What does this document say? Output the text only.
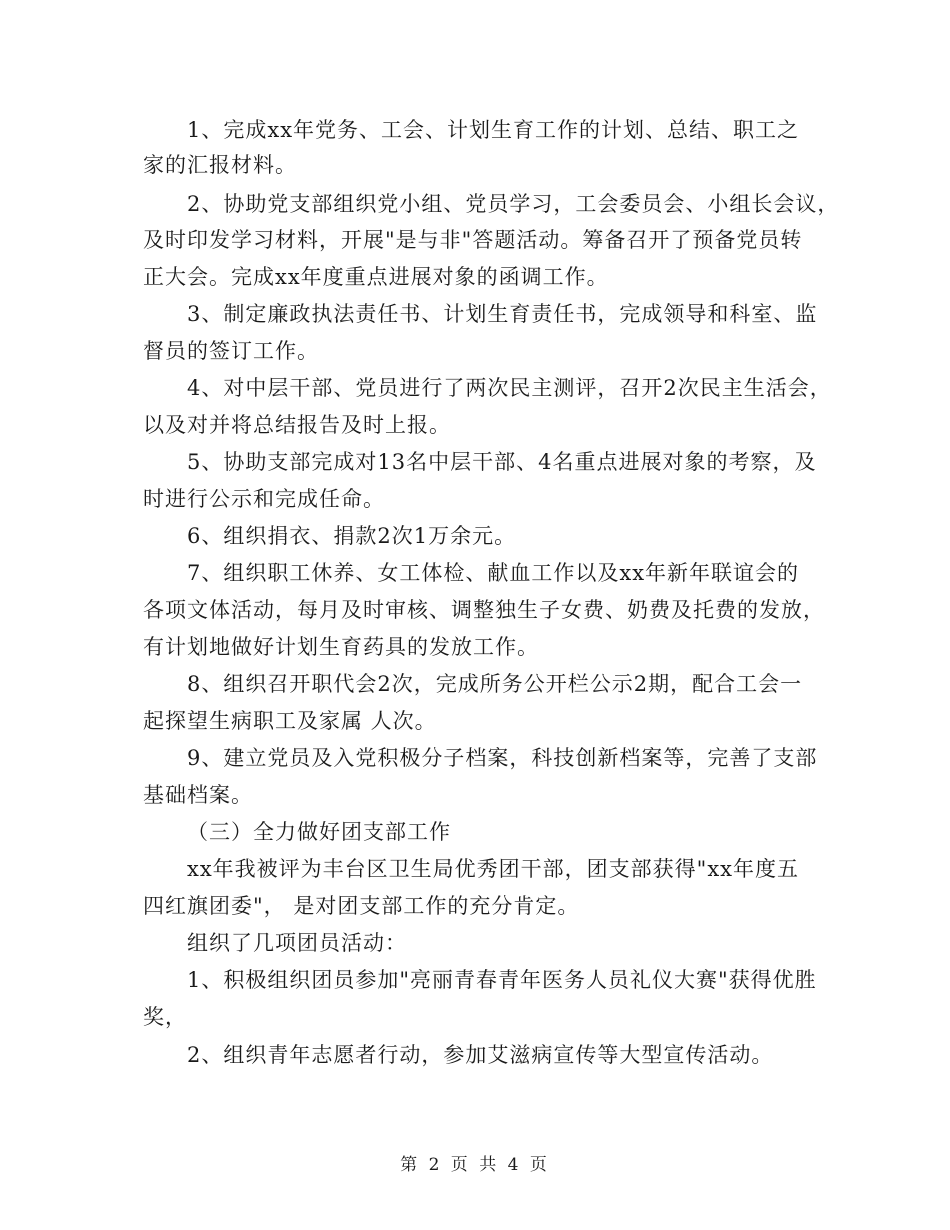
1、完成xx年党务、工会、计划生育工作的计划、总结、职工之
家的汇报材料。
2、协助党支部组织党小组、党员学习，工会委员会、小组长会议，
及时印发学习材料，开展"是与非"答题活动。筹备召开了预备党员转
正大会。完成xx年度重点进展对象的函调工作。
3、制定廉政执法责任书、计划生育责任书，完成领导和科室、监
督员的签订工作。
4、对中层干部、党员进行了两次民主测评，召开2次民主生活会，
以及对并将总结报告及时上报。
5、协助支部完成对13名中层干部、4名重点进展对象的考察，及
时进行公示和完成任命。
6、组织捐衣、捐款2次1万余元。
7、组织职工休养、女工体检、献血工作以及xx年新年联谊会的
各项文体活动，每月及时审核、调整独生子女费、奶费及托费的发放，
有计划地做好计划生育药具的发放工作。
8、组织召开职代会2次，完成所务公开栏公示2期，配合工会一
起探望生病职工及家属 人次。
9、建立党员及入党积极分子档案，科技创新档案等，完善了支部
基础档案。
（三）全力做好团支部工作
xx年我被评为丰台区卫生局优秀团干部，团支部获得"xx年度五
四红旗团委"， 是对团支部工作的充分肯定。
组织了几项团员活动：
1、积极组织团员参加"亮丽青春青年医务人员礼仪大赛"获得优胜
奖，
2、组织青年志愿者行动，参加艾滋病宣传等大型宣传活动。
第 2 页 共 4 页
